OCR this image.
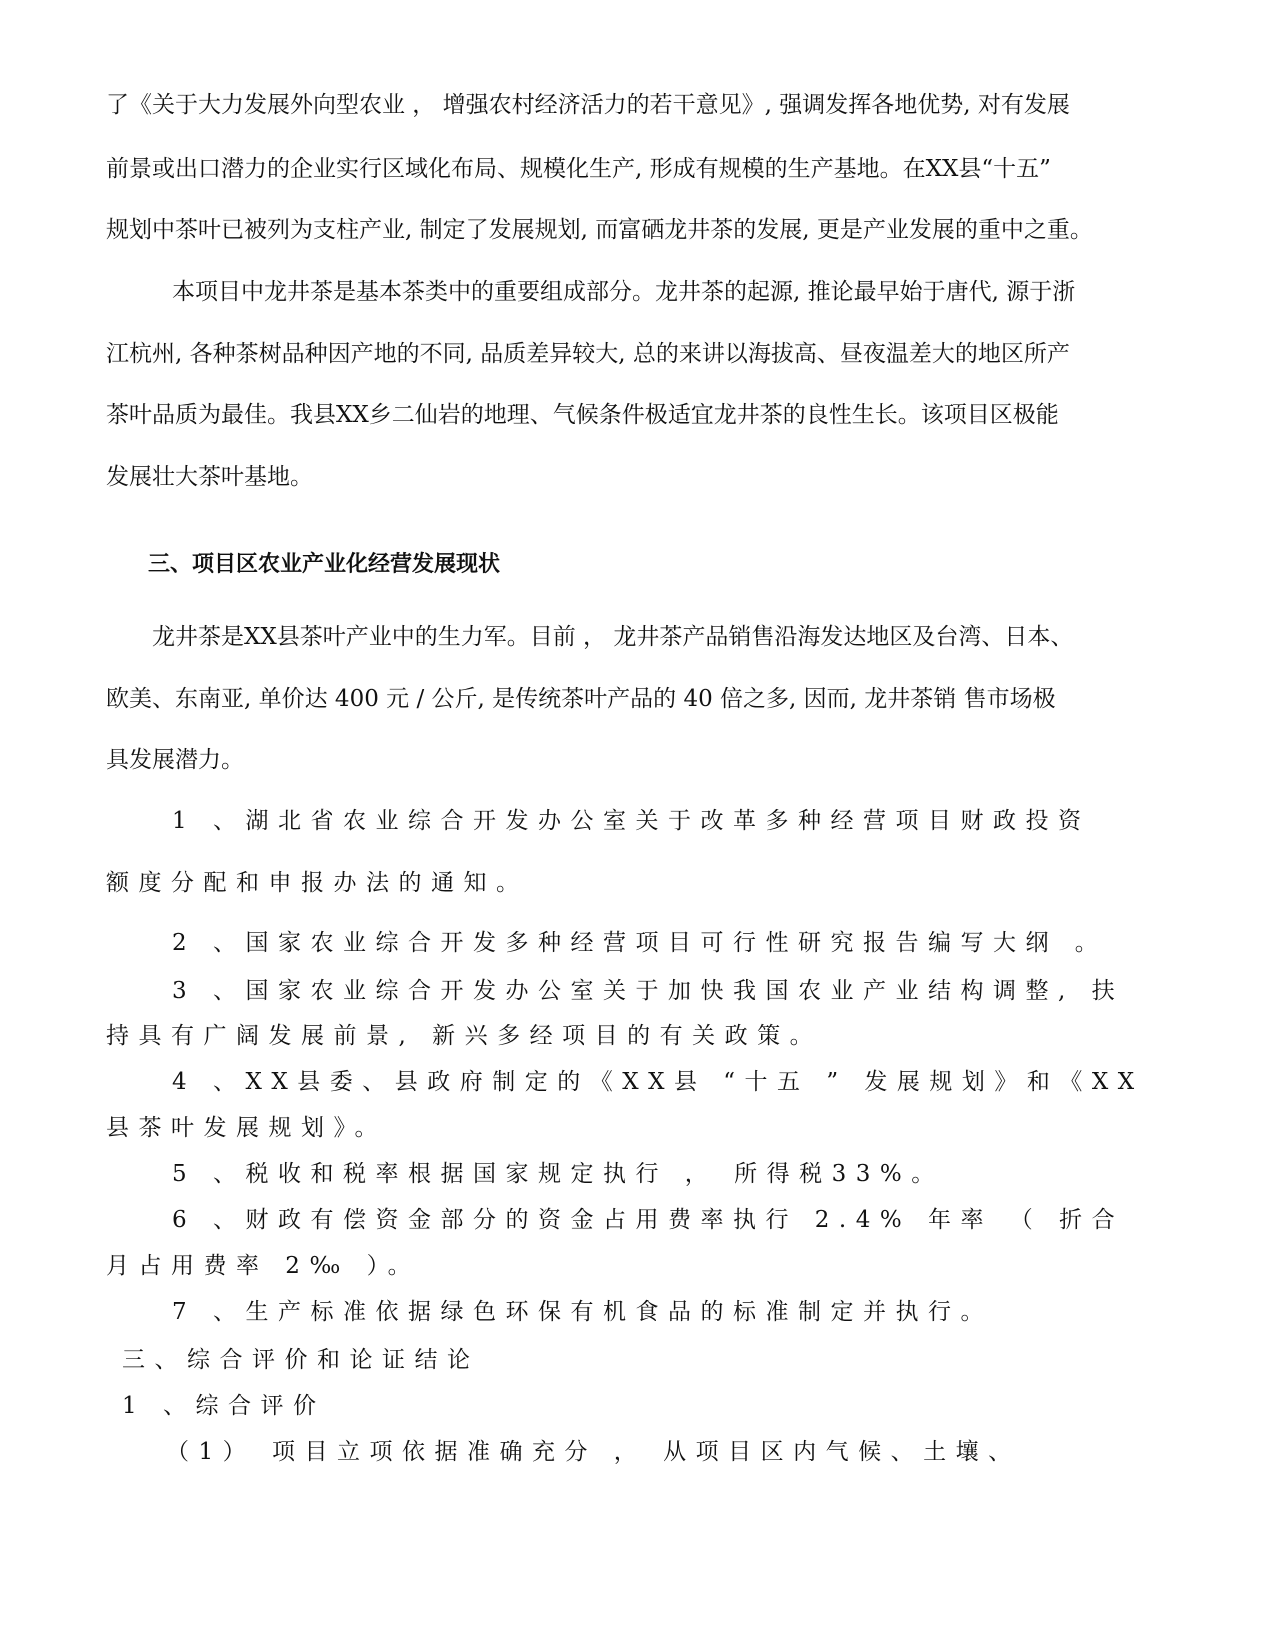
了《关于大力发展外向型农业 ， 增强农村经济活力的若干意见》, 强调发挥各地优势, 对有发展
前景或出口潜力的企业实行区域化布局、规模化生产, 形成有规模的生产基地。在XX县“十五”
规划中茶叶已被列为支柱产业, 制定了发展规划, 而富硒龙井茶的发展, 更是产业发展的重中之重。
本项目中龙井茶是基本茶类中的重要组成部分。龙井茶的起源, 推论最早始于唐代, 源于浙
江杭州, 各种茶树品种因产地的不同, 品质差异较大, 总的来讲以海拔高、昼夜温差大的地区所产
茶叶品质为最佳。我县XX乡二仙岩的地理、气候条件极适宜龙井茶的良性生长。该项目区极能
发展壮大茶叶基地。
三、项目区农业产业化经营发展现状
龙井茶是XX县茶叶产业中的生力军。目前 ， 龙井茶产品销售沿海发达地区及台湾、日本、
欧美、东南亚, 单价达 400 元 / 公斤, 是传统茶叶产品的 40 倍之多, 因而, 龙井茶销 售市场极
具发展潜力。
1 、湖北省农业综合开发办公室关于改革多种经营项目财政投资
额度分配和申报办法的通知。
2 、国家农业综合开发多种经营项目可行性研究报告编写大纲 。
3 、国家农业综合开发办公室关于加快我国农业产业结构调整, 扶
持具有广阔发展前景, 新兴多经项目的有关政策。
4 、XX县委、县政府制定的《XX县 “十五 ” 发展规划》和《XX
县茶叶发展规划》。
5 、税收和税率根据国家规定执行 ， 所得税33%。
6 、财政有偿资金部分的资金占用费率执行 2.4% 年率 （ 折合
月占用费率 2‰ ）。
7 、生产标准依据绿色环保有机食品的标准制定并执行。
三、综合评价和论证结论
1 、综合评价
（1） 项目立项依据准确充分 ， 从项目区内气候、土壤、
